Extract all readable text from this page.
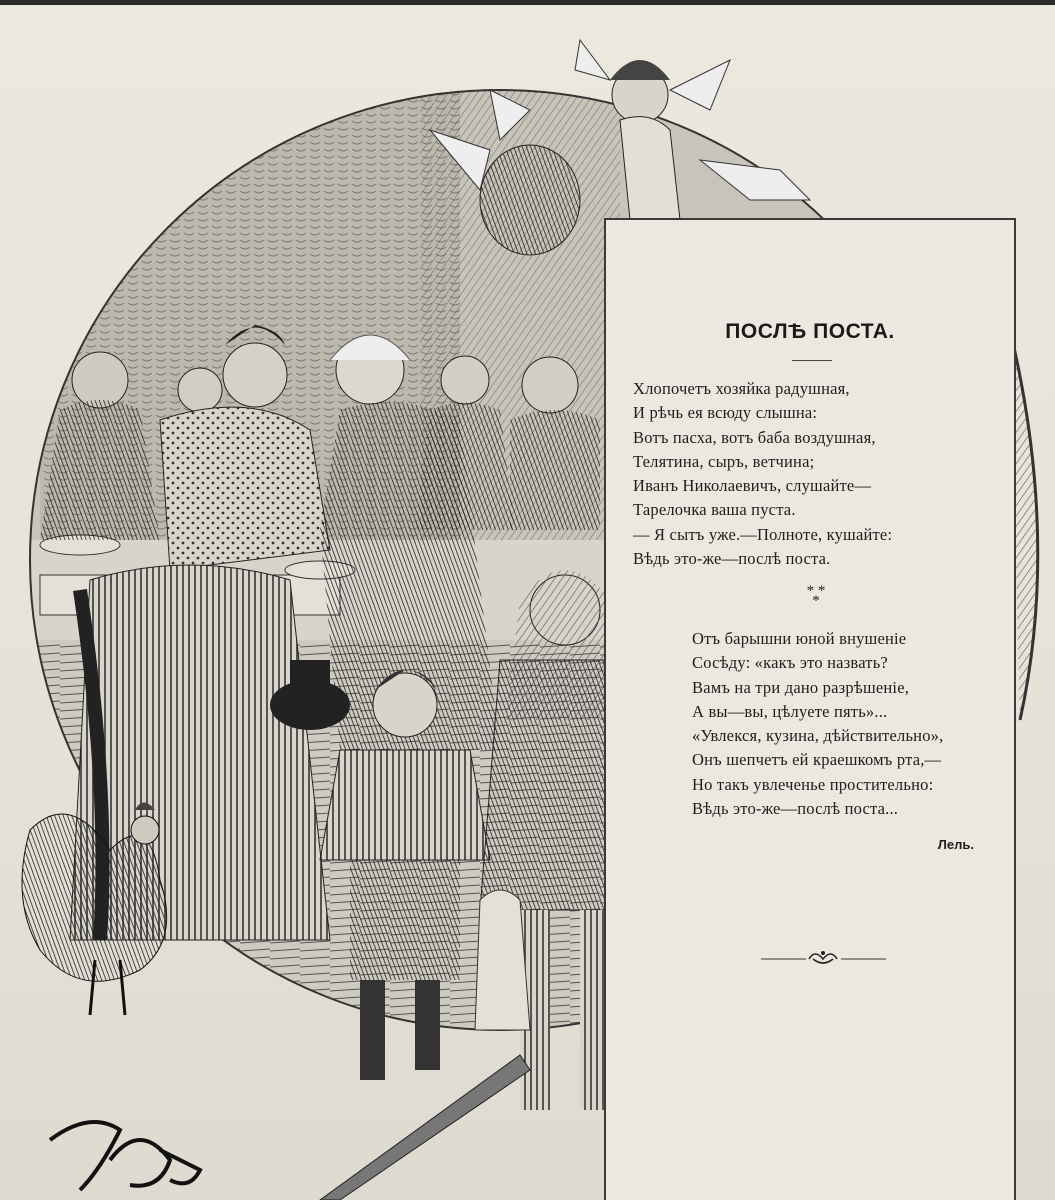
ПОСЛѢ ПОСТА.
Хлопочетъ хозяйка радушная,
И рѣчь ея всюду слышна:
Вотъ пасха, вотъ баба воздушная,
Телятина, сыръ, ветчина;
Иванъ Николаевичъ, слушайте—
Тарелочка ваша пуста.
— Я сытъ уже.—Полноте, кушайте:
Вѣдь это-же—послѣ поста.
* *
*
Отъ барышни юной внушеніе
Сосѣду: «какъ это назвать?
Вамъ на три дано разрѣшеніе,
А вы—вы, цѣлуете пять»...
«Увлекся, кузина, дѣйствительно»,
Онъ шепчетъ ей краешкомъ рта,—
Но такъ увлеченье простительно:
Вѣдь это-же—послѣ поста...
Лель.
